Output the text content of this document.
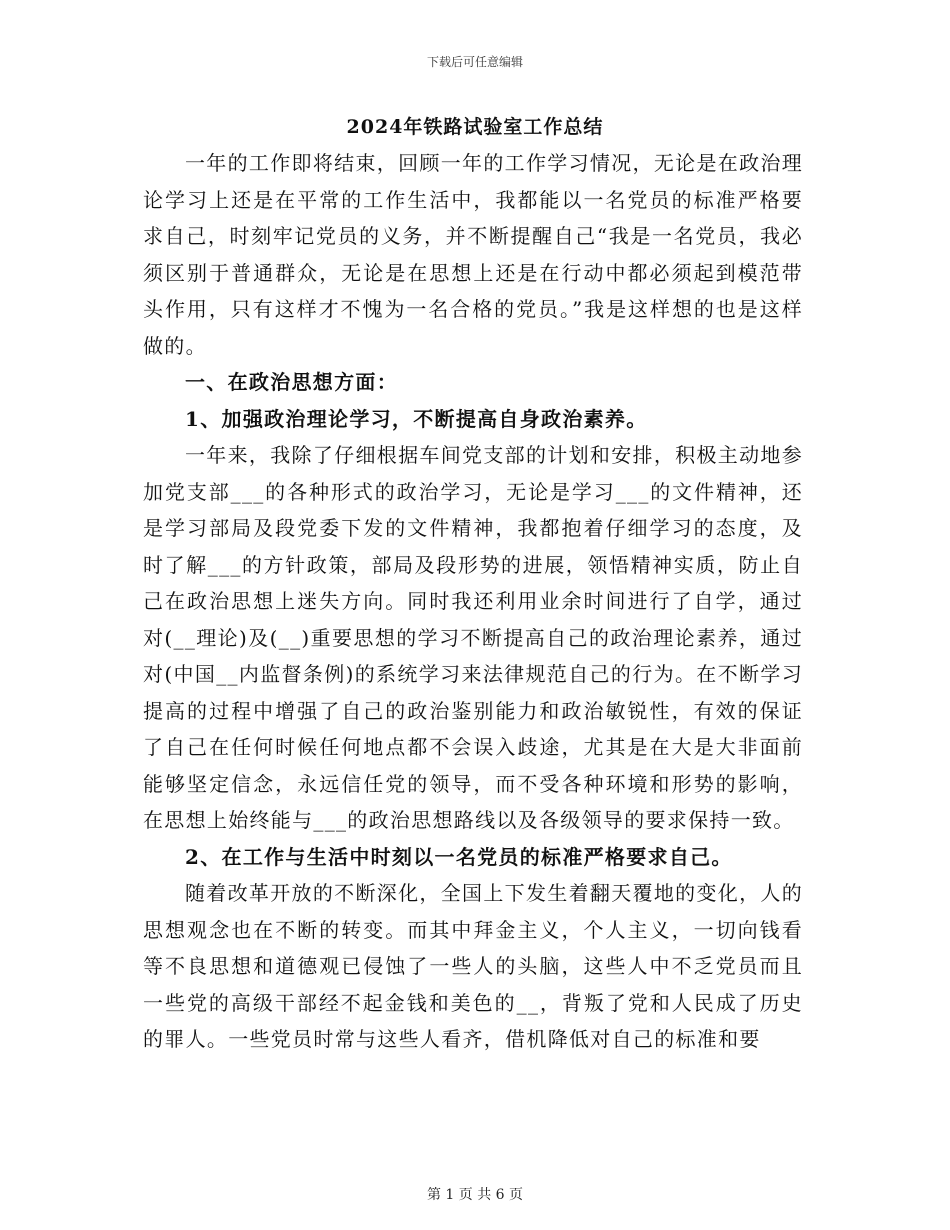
下载后可任意编辑
2024年铁路试验室工作总结

一年的工作即将结束，回顾一年的工作学习情况，无论是在政治理论学习上还是在平常的工作生活中，我都能以一名党员的标准严格要求自己，时刻牢记党员的义务，并不断提醒自己“我是一名党员，我必须区别于普通群众，无论是在思想上还是在行动中都必须起到模范带头作用，只有这样才不愧为一名合格的党员。”我是这样想的也是这样做的。

一、在政治思想方面：

1、加强政治理论学习，不断提高自身政治素养。

一年来，我除了仔细根据车间党支部的计划和安排，积极主动地参加党支部___的各种形式的政治学习，无论是学习___的文件精神，还是学习部局及段党委下发的文件精神，我都抱着仔细学习的态度，及时了解___的方针政策，部局及段形势的进展，领悟精神实质，防止自己在政治思想上迷失方向。同时我还利用业余时间进行了自学，通过对(__理论)及(__)重要思想的学习不断提高自己的政治理论素养，通过对(中国__内监督条例)的系统学习来法律规范自己的行为。在不断学习提高的过程中增强了自己的政治鉴别能力和政治敏锐性，有效的保证了自己在任何时候任何地点都不会误入歧途，尤其是在大是大非面前能够坚定信念，永远信任党的领导，而不受各种环境和形势的影响，在思想上始终能与___的政治思想路线以及各级领导的要求保持一致。

2、在工作与生活中时刻以一名党员的标准严格要求自己。

随着改革开放的不断深化，全国上下发生着翻天覆地的变化，人的思想观念也在不断的转变。而其中拜金主义，个人主义，一切向钱看等不良思想和道德观已侵蚀了一些人的头脑，这些人中不乏党员而且一些党的高级干部经不起金钱和美色的__，背叛了党和人民成了历史的罪人。一些党员时常与这些人看齐，借机降低对自己的标准和要

第 1 页 共 6 页
